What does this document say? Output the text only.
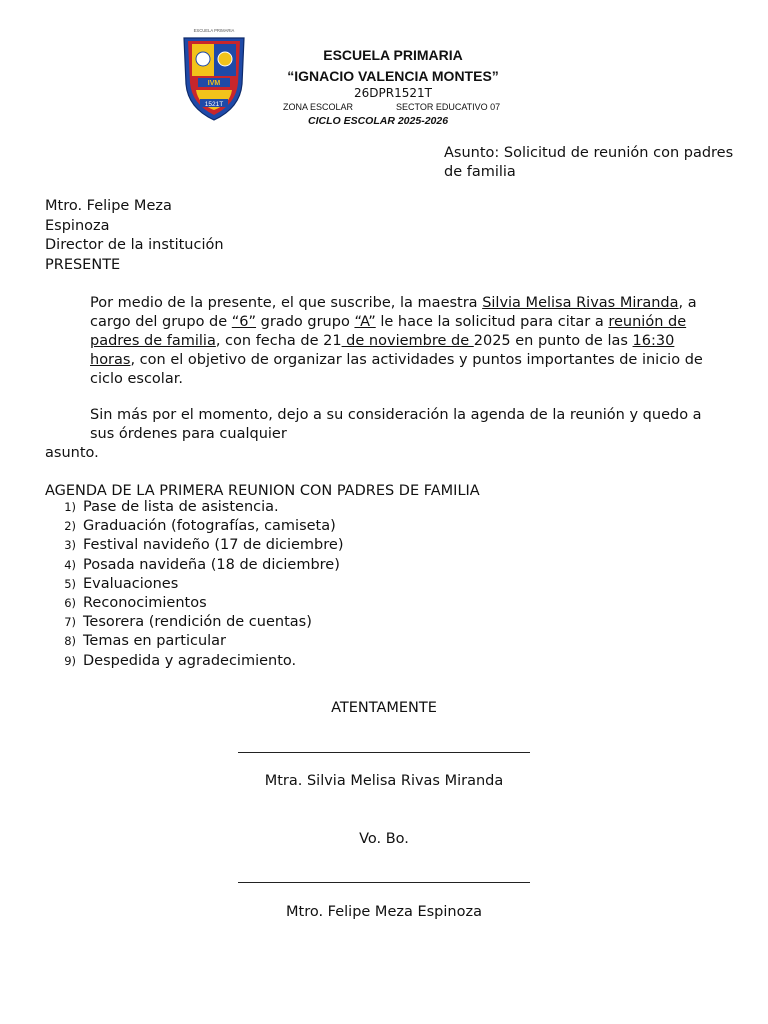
ESCUELA PRIMARIA
IVM
1521T
ESCUELA PRIMARIA
“IGNACIO VALENCIA MONTES”
26DPR1521T
ZONA ESCOLAR	SECTOR EDUCATIVO 07
CICLO ESCOLAR 2025-2026
Asunto: Solicitud de reunión con padres
de familia
Mtro. Felipe Meza
Espinoza
Director de la institución
PRESENTE
Por medio de la presente, el que suscribe, la maestra Silvia Melisa Rivas Miranda, a
cargo del grupo de “6” grado grupo “A” le hace la solicitud para citar a reunión de
padres de familia, con fecha de 21 de noviembre de 2025 en punto de las 16:30
horas, con el objetivo de organizar las actividades y puntos importantes de inicio de
ciclo escolar.
Sin más por el momento, dejo a su consideración la agenda de la reunión y quedo a
sus órdenes para cualquier
asunto.
AGENDA DE LA PRIMERA REUNION CON PADRES DE FAMILIA
1) Pase de lista de asistencia.
2) Graduación (fotografías, camiseta)
3) Festival navideño (17 de diciembre)
4) Posada navideña (18 de diciembre)
5) Evaluaciones
6) Reconocimientos
7) Tesorera (rendición de cuentas)
8) Temas en particular
9) Despedida y agradecimiento.
ATENTAMENTE
Mtra. Silvia Melisa Rivas Miranda
Vo. Bo.
Mtro. Felipe Meza Espinoza
